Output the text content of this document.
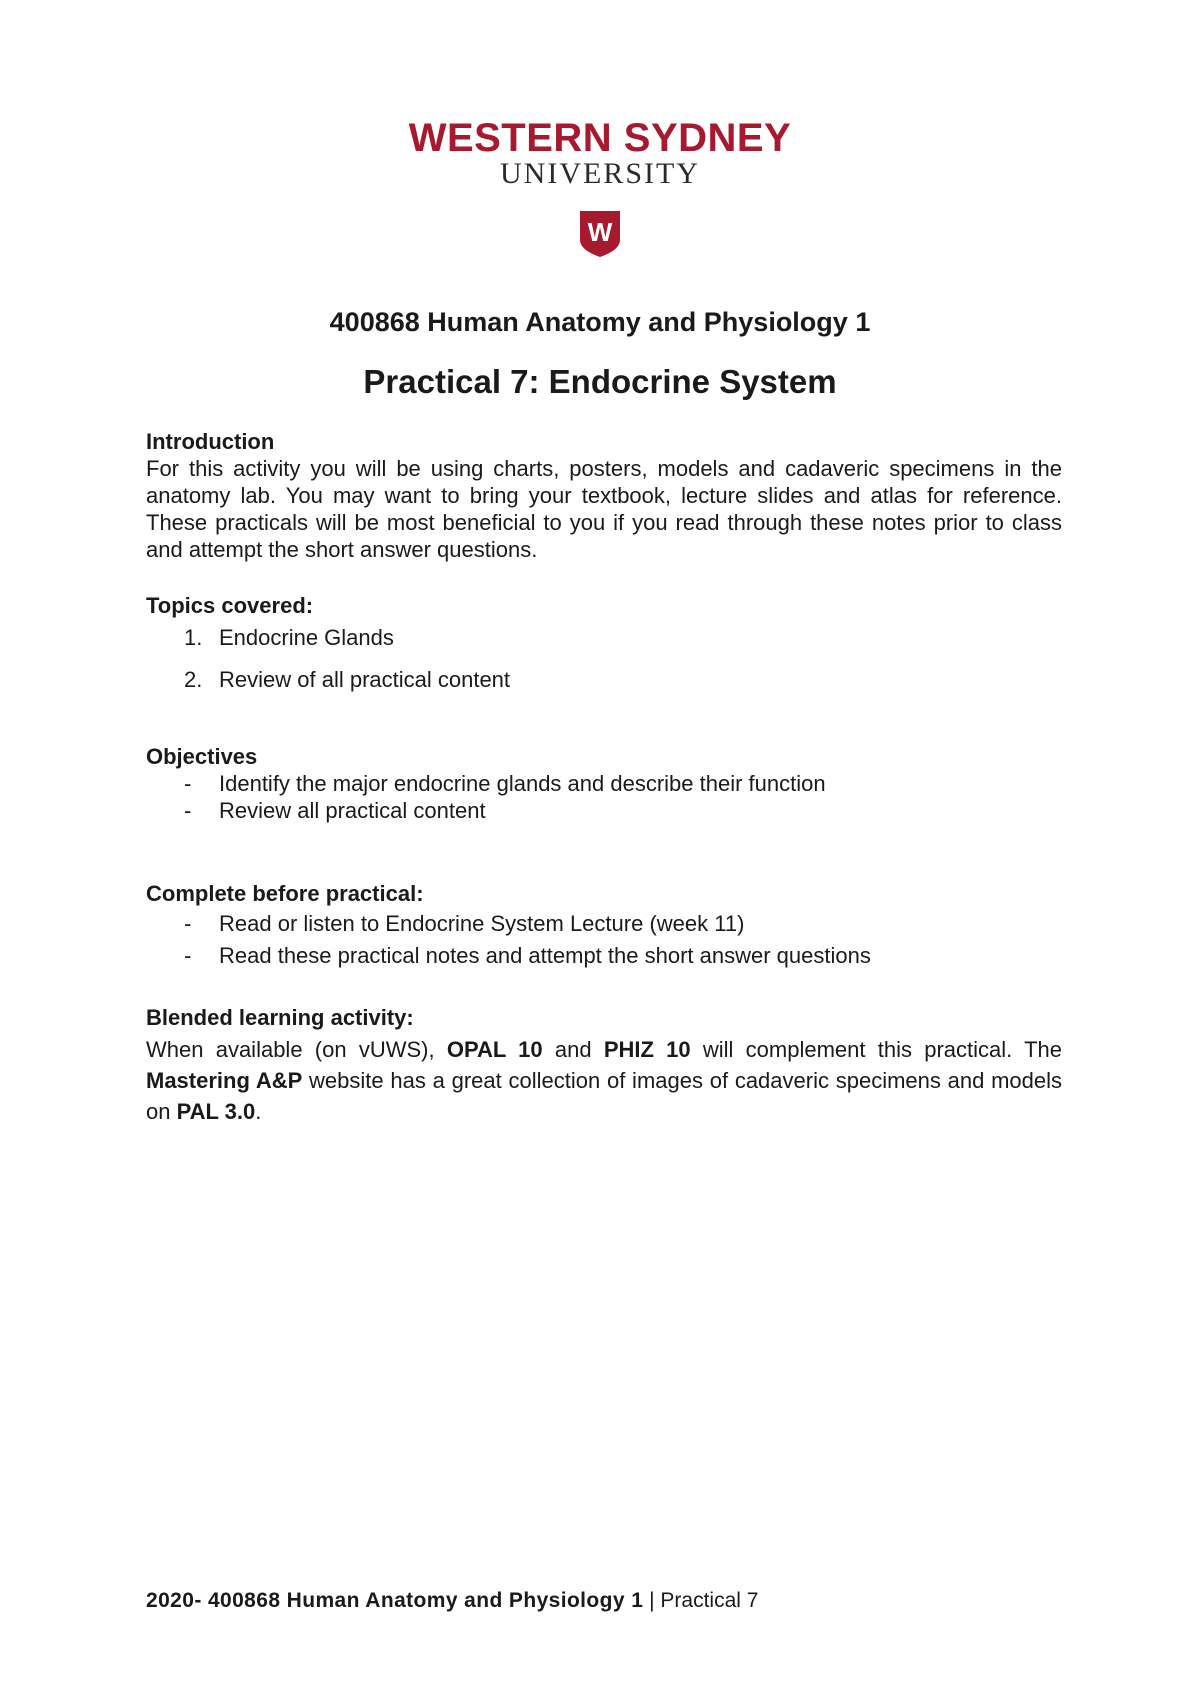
WESTERN SYDNEY
UNIVERSITY
W
400868 Human Anatomy and Physiology 1
Practical 7: Endocrine System
Introduction
For this activity you will be using charts, posters, models and cadaveric specimens in the anatomy lab. You may want to bring your textbook, lecture slides and atlas for reference. These practicals will be most beneficial to you if you read through these notes prior to class and attempt the short answer questions.
Topics covered:
1. Endocrine Glands
2. Review of all practical content
Objectives
- Identify the major endocrine glands and describe their function
- Review all practical content
Complete before practical:
- Read or listen to Endocrine System Lecture (week 11)
- Read these practical notes and attempt the short answer questions
Blended learning activity:
When available (on vUWS), OPAL 10 and PHIZ 10 will complement this practical. The Mastering A&P website has a great collection of images of cadaveric specimens and models on PAL 3.0.
2020- 400868 Human Anatomy and Physiology 1 | Practical 7
